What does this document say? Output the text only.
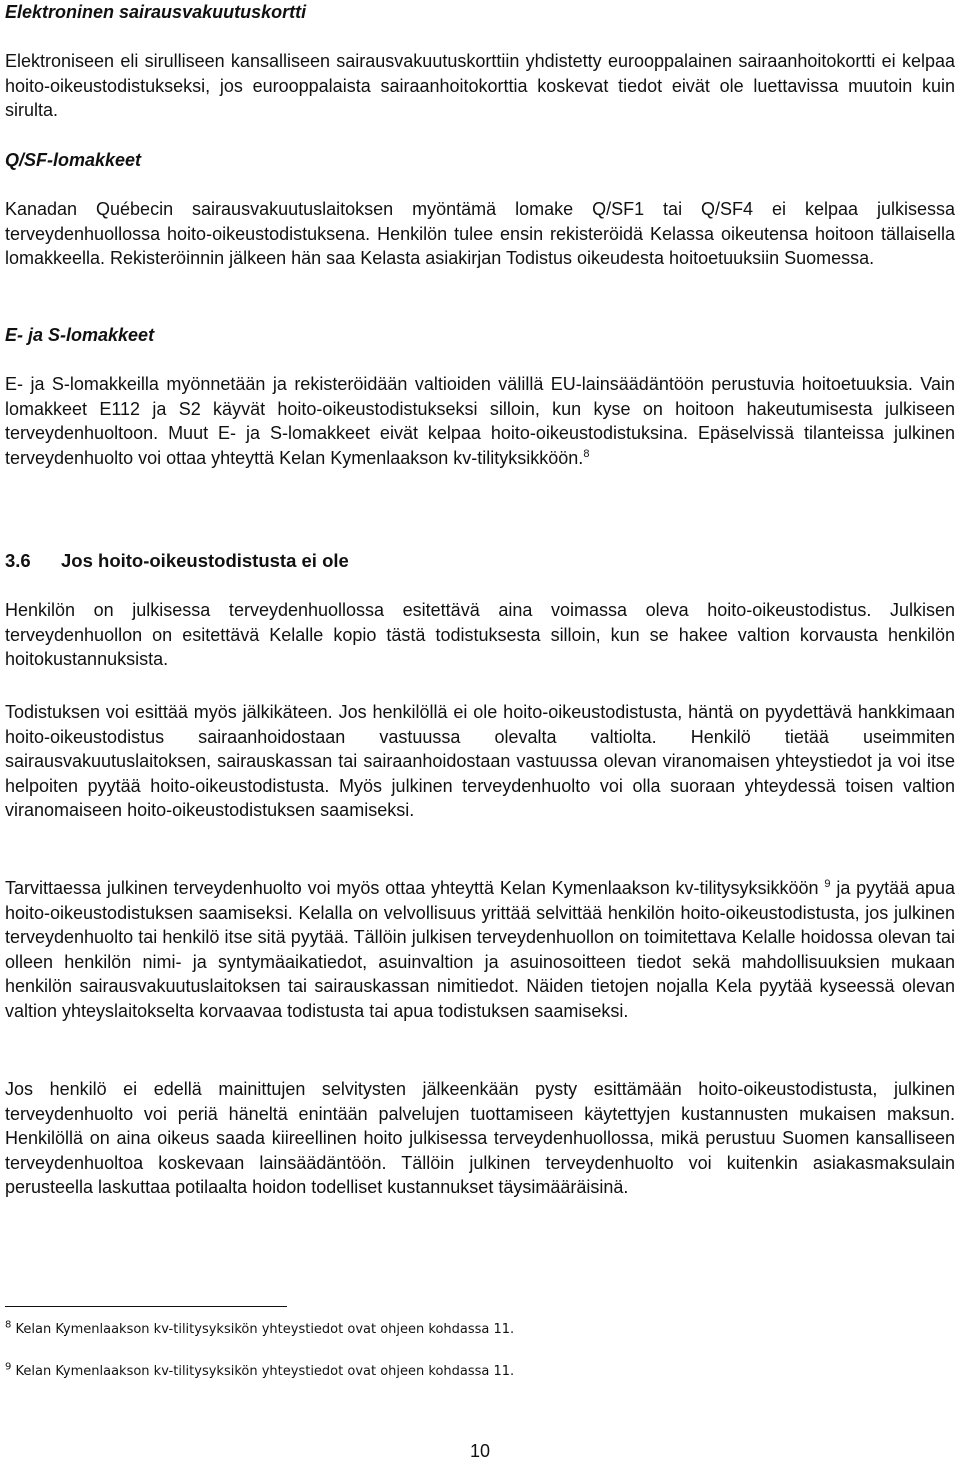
Elektroninen sairausvakuutuskortti

Elektroniseen eli sirulliseen kansalliseen sairausvakuutuskorttiin yhdistetty eurooppalainen sairaanhoitokortti ei kelpaa hoito-oikeustodistukseksi, jos eurooppalaista sairaanhoitokorttia koskevat tiedot eivät ole luettavissa muutoin kuin sirulta.

Q/SF-lomakkeet

Kanadan Québecin sairausvakuutuslaitoksen myöntämä lomake Q/SF1 tai Q/SF4 ei kelpaa julkisessa terveydenhuollossa hoito-oikeustodistuksena. Henkilön tulee ensin rekisteröidä Kelassa oikeutensa hoitoon tällaisella lomakkeella. Rekisteröinnin jälkeen hän saa Kelasta asiakirjan Todistus oikeudesta hoitoetuuksiin Suomessa.

E- ja S-lomakkeet

E- ja S-lomakkeilla myönnetään ja rekisteröidään valtioiden välillä EU-lainsäädäntöön perustuvia hoitoetuuksia. Vain lomakkeet E112 ja S2 käyvät hoito-oikeustodistukseksi silloin, kun kyse on hoitoon hakeutumisesta julkiseen terveydenhuoltoon. Muut E- ja S-lomakkeet eivät kelpaa hoito-oikeustodistuksina. Epäselvissä tilanteissa julkinen terveydenhuolto voi ottaa yhteyttä Kelan Kymenlaakson kv-tilityksikköön.$^8$

3.6 Jos hoito-oikeustodistusta ei ole

Henkilön on julkisessa terveydenhuollossa esitettävä aina voimassa oleva hoito-oikeustodistus. Julkisen terveydenhuollon on esitettävä Kelalle kopio tästä todistuksesta silloin, kun se hakee valtion korvausta henkilön hoitokustannuksista.

Todistuksen voi esittää myös jälkikäteen. Jos henkilöllä ei ole hoito-oikeustodistusta, häntä on pyydettävä hankkimaan hoito-oikeustodistus sairaanhoidostaan vastuussa olevalta valtiolta. Henkilö tietää useimmiten sairausvakuutuslaitoksen, sairauskassan tai sairaanhoidostaan vastuussa olevan viranomaisen yhteystiedot ja voi itse helpoiten pyytää hoito-oikeustodistusta. Myös julkinen terveydenhuolto voi olla suoraan yhteydessä toisen valtion viranomaiseen hoito-oikeustodistuksen saamiseksi.

Tarvittaessa julkinen terveydenhuolto voi myös ottaa yhteyttä Kelan Kymenlaakson kv-tilitysyksikköön $^9$ ja pyytää apua hoito-oikeustodistuksen saamiseksi. Kelalla on velvollisuus yrittää selvittää henkilön hoito-oikeustodistusta, jos julkinen terveydenhuolto tai henkilö itse sitä pyytää. Tällöin julkisen terveydenhuollon on toimitettava Kelalle hoidossa olevan tai olleen henkilön nimi- ja syntymäaikatiedot, asuinvaltion ja asuinosoitteen tiedot sekä mahdollisuuksien mukaan henkilön sairausvakuutuslaitoksen tai sairauskassan nimitiedot. Näiden tietojen nojalla Kela pyytää kyseessä olevan valtion yhteyslaitokselta korvaavaa todistusta tai apua todistuksen saamiseksi.

Jos henkilö ei edellä mainittujen selvitysten jälkeenkään pysty esittämään hoito-oikeustodistusta, julkinen terveydenhuolto voi periä häneltä enintään palvelujen tuottamiseen käytettyjen kustannusten mukaisen maksun. Henkilöllä on aina oikeus saada kiireellinen hoito julkisessa terveydenhuollossa, mikä perustuu Suomen kansalliseen terveydenhuoltoa koskevaan lainsäädäntöön. Tällöin julkinen terveydenhuolto voi kuitenkin asiakasmaksulain perusteella laskuttaa potilaalta hoidon todelliset kustannukset täysimääräisinä.

$^8$ Kelan Kymenlaakson kv-tilitysyksikön yhteystiedot ovat ohjeen kohdassa 11.
$^9$ Kelan Kymenlaakson kv-tilitysyksikön yhteystiedot ovat ohjeen kohdassa 11.
10
